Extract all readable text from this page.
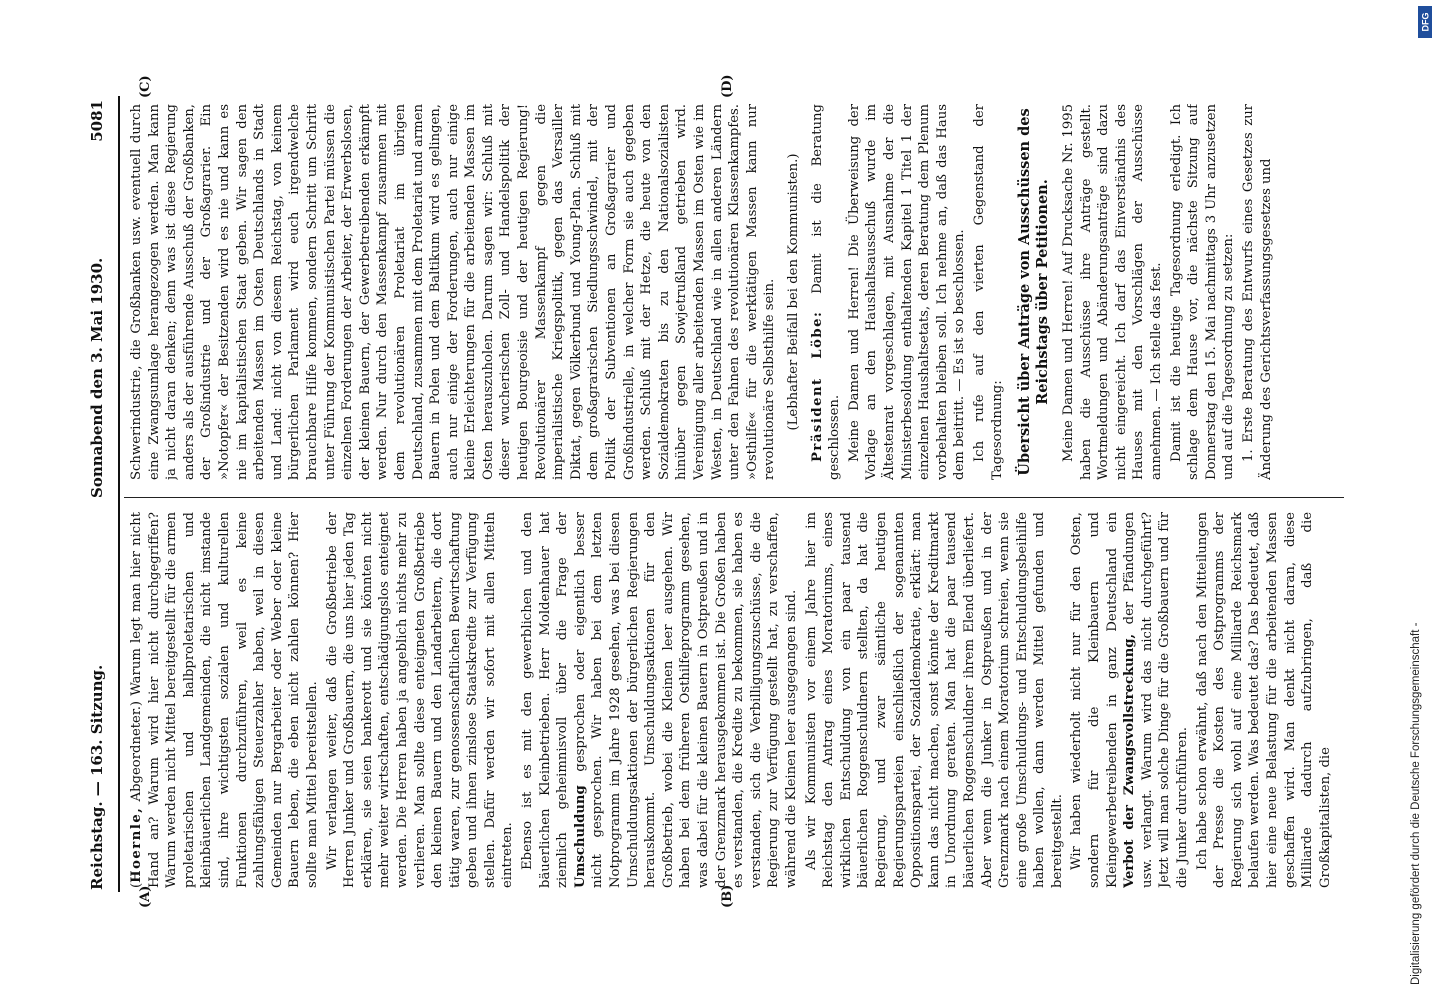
Reichstag. — 163. Sitzung.
Sonnabend den 3. Mai 1930.
5081
(A)	(B)
(C)	(D)

(Hoernle, Abgeordneter.) Warum legt man hier nicht Hand an? Warum wird hier nicht durchgegriffen? Warum werden nicht Mittel bereitgestellt für die armen proletarischen und halbproletarischen und kleinbäuerlichen Landgemeinden, die nicht imstande sind, ihre wichtigsten sozialen und kulturellen Funktionen durchzuführen, weil es keine zahlungsfähigen Steuerzahler haben, weil in diesen Gemeinden nur Bergarbeiter oder Weber oder kleine Bauern leben, die eben nicht zahlen können? Hier sollte man Mittel bereitstellen. Wir verlangen weiter, daß die Großbetriebe der Herren Junker und Großbauern, die uns hier jeden Tag erklären, sie seien bankerott und sie könnten nicht mehr weiter wirtschaften, entschädigungslos enteignet werden. Die Herren haben ja angeblich nichts mehr zu verlieren. Man sollte diese enteigneten Großbetriebe den kleinen Bauern und den Landarbeitern, die dort tätig waren, zur genossenschaftlichen Bewirtschaftung geben und ihnen zinslose Staatskredite zur Verfügung stellen. Dafür werden wir sofort mit allen Mitteln eintreten. Ebenso ist es mit den gewerblichen und den bäuerlichen Kleinbetrieben. Herr Moldenhauer hat ziemlich geheimnisvoll über die Frage der Umschuldung gesprochen oder eigentlich besser nicht gesprochen. Wir haben bei dem letzten Notprogramm im Jahre 1928 gesehen, was bei diesen Umschuldungsaktionen der bürgerlichen Regierungen herauskommt. Umschuldungsaktionen für den Großbetrieb, wobei die Kleinen leer ausgehen. Wir haben bei dem früheren Osthilfeprogramm gesehen, was dabei für die kleinen Bauern in Ostpreußen und in der Grenzmark herausgekommen ist. Die Großen haben es verstanden, die Kredite zu bekommen, sie haben es verstanden, sich die Verbilligungszuschüsse, die die Regierung zur Verfügung gestellt hat, zu verschaffen, während die Kleinen leer ausgegangen sind. Als wir Kommunisten vor einem Jahre hier im Reichstag den Antrag eines Moratoriums, eines wirklichen Entschuldung von ein paar tausend bäuerlichen Roggenschuldnern stellten, da hat die Regierung, und zwar sämtliche heutigen Regierungsparteien einschließlich der sogenannten Oppositionspartei, der Sozialdemokratie, erklärt: man kann das nicht machen, sonst könnte der Kreditmarkt in Unordnung geraten. Man hat die paar tausend bäuerlichen Roggenschuldner ihrem Elend überliefert. Aber wenn die Junker in Ostpreußen und in der Grenzmark nach einem Moratorium schreien, wenn sie eine große Umschuldungs- und Entschuldungsbeihilfe haben wollen, dann werden Mittel gefunden und bereitgestellt. Wir haben wiederholt nicht nur für den Osten, sondern für die Kleinbauern und Kleingewerbetreibenden in ganz Deutschland ein Verbot der Zwangsvollstreckung, der Pfändungen usw. verlangt. Warum wird das nicht durchgeführt? Jetzt will man solche Dinge für die Großbauern und für die Junker durchführen. Ich habe schon erwähnt, daß nach den Mitteilungen der Presse die Kosten des Ostprogramms der Regierung sich wohl auf eine Milliarde Reichsmark belaufen werden. Was bedeutet das? Das bedeutet, daß hier eine neue Belastung für die arbeitenden Massen geschaffen wird. Man denkt nicht daran, diese Milliarde dadurch aufzubringen, daß die Großkapitalisten, die

Schwerindustrie, die Großbanken usw. eventuell durch eine Zwangsumlage herangezogen werden. Man kann ja nicht daran denken; denn was ist diese Regierung anders als der ausführende Ausschuß der Großbanken, der Großindustrie und der Großagrarier. Ein »Notopfer« der Besitzenden wird es nie und kann es nie im kapitalistischen Staat geben. Wir sagen den arbeitenden Massen im Osten Deutschlands in Stadt und Land: nicht von diesem Reichstag, von keinem bürgerlichen Parlament wird euch irgendwelche brauchbare Hilfe kommen, sondern Schritt um Schritt unter Führung der Kommunistischen Partei müssen die einzelnen Forderungen der Arbeiter, der Erwerbslosen, der kleinen Bauern, der Gewerbetreibenden erkämpft werden. Nur durch den Massenkampf zusammen mit dem revolutionären Proletariat im übrigen Deutschland, zusammen mit dem Proletariat und armen Bauern in Polen und dem Baltikum wird es gelingen, auch nur einige der Forderungen, auch nur einige kleine Erleichterungen für die arbeitenden Massen im Osten herauszuholen. Darum sagen wir: Schluß mit dieser wucherischen Zoll- und Handelspolitik der heutigen Bourgeoisie und der heutigen Regierung! Revolutionärer Massenkampf gegen die imperialistische Kriegspolitik, gegen das Versailler Diktat, gegen Völkerbund und Young-Plan. Schluß mit dem großagrarischen Siedlungsschwindel, mit der Politik der Subventionen an Großagrarier und Großindustrielle, in welcher Form sie auch gegeben werden. Schluß mit der Hetze, die heute von den Sozialdemokraten bis zu den Nationalsozialisten hinüber gegen Sowjetrußland getrieben wird. Vereinigung aller arbeitenden Massen im Osten wie im Westen, in Deutschland wie in allen anderen Ländern unter den Fahnen des revolutionären Klassenkampfes. »Osthilfe« für die werktätigen Massen kann nur revolutionäre Selbsthilfe sein. (Lebhafter Beifall bei den Kommunisten.) Präsident Löbe: Damit ist die Beratung geschlossen. Meine Damen und Herren! Die Überweisung der Vorlage an den Haushaltsausschuß wurde im Ältestenrat vorgeschlagen, mit Ausnahme der die Ministerbesoldung enthaltenden Kapitel 1 Titel 1 der einzelnen Haushaltsetats, deren Beratung dem Plenum vorbehalten bleiben soll. Ich nehme an, daß das Haus dem beitritt. — Es ist so beschlossen. Ich rufe auf den vierten Gegenstand der Tagesordnung: Übersicht über Anträge von Ausschüssen des Reichstags über Petitionen. Meine Damen und Herren! Auf Drucksache Nr. 1995 haben die Ausschüsse ihre Anträge gestellt. Wortmeldungen und Abänderungsanträge sind dazu nicht eingereicht. Ich darf das Einverständnis des Hauses mit den Vorschlägen der Ausschüsse annehmen. — Ich stelle das fest. Damit ist die heutige Tagesordnung erledigt. Ich schlage dem Hause vor, die nächste Sitzung auf Donnerstag den 15. Mai nachmittags 3 Uhr anzusetzen und auf die Tagesordnung zu setzen: 1. Erste Beratung des Entwurfs eines Gesetzes zur Änderung des Gerichtsverfassungsgesetzes und

Digitalisierung gefördert durch die Deutsche Forschungsgemeinschaft -
DFG
